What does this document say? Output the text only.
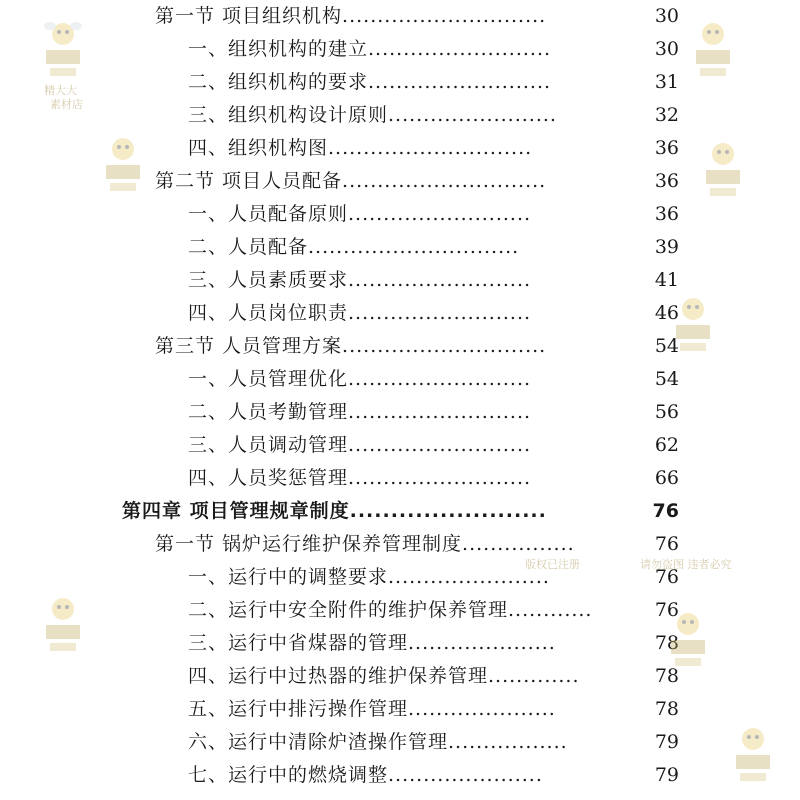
第一节 项目组织机构.............................	30
一、组织机构的建立..........................	30
二、组织机构的要求..........................	31
三、组织机构设计原则........................	32
四、组织机构图.............................	36
第二节 项目人员配备.............................	36
一、人员配备原则..........................	36
二、人员配备..............................	39
三、人员素质要求..........................	41
四、人员岗位职责..........................	46
第三节 人员管理方案.............................	54
一、人员管理优化..........................	54
二、人员考勤管理..........................	56
三、人员调动管理..........................	62
四、人员奖惩管理..........................	66
第四章 项目管理规章制度........................	76
第一节 锅炉运行维护保养管理制度................	76
一、运行中的调整要求.......................	76
二、运行中安全附件的维护保养管理............	76
三、运行中省煤器的管理.....................	78
四、运行中过热器的维护保养管理.............	78
五、运行中排污操作管理.....................	78
六、运行中清除炉渣操作管理.................	79
七、运行中的燃烧调整......................	79
精大大
素材店
版权已注册	请勿盗图 违者必究
